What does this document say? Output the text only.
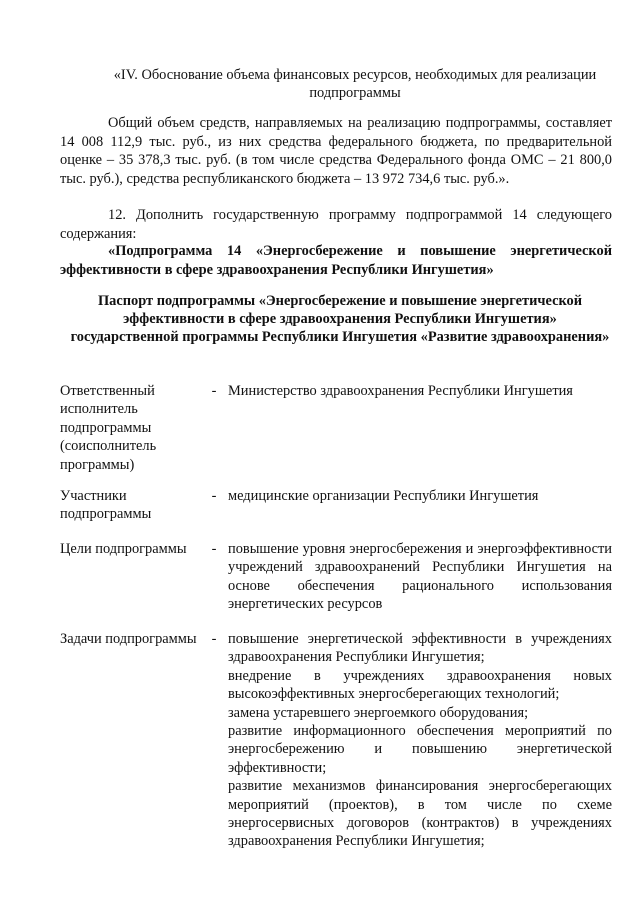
«IV. Обоснование объема финансовых ресурсов, необходимых для реализации подпрограммы
Общий объем средств, направляемых на реализацию подпрограммы, составляет 14 008 112,9 тыс. руб., из них средства федерального бюджета, по предварительной оценке – 35 378,3 тыс. руб. (в том числе средства Федерального фонда ОМС – 21 800,0 тыс. руб.), средства республиканского бюджета – 13 972 734,6 тыс. руб.».
12. Дополнить государственную программу подпрограммой 14 следующего содержания:
«Подпрограмма 14 «Энергосбережение и повышение энергетической эффективности в сфере здравоохранения Республики Ингушетия»
Паспорт подпрограммы «Энергосбережение и повышение энергетической эффективности в сфере здравоохранения Республики Ингушетия» государственной программы Республики Ингушетия «Развитие здравоохранения»
Ответственный исполнитель подпрограммы (соисполнитель программы)
- Министерство здравоохранения Республики Ингушетия

Участники подпрограммы
- медицинские организации Республики Ингушетия

Цели подпрограммы	- повышение уровня энергосбережения и энергоэффективности учреждений здравоохранений Республики Ингушетия на основе обеспечения рационального использования энергетических ресурсов

Задачи подпрограммы - повышение энергетической эффективности в учреждениях здравоохранения Республики Ингушетия;

внедрение в учреждениях здравоохранения новых высокоэффективных энергосберегающих технологий;

замена устаревшего энергоемкого оборудования;

развитие информационного обеспечения мероприятий по энергосбережению и повышению энергетической эффективности;

развитие механизмов финансирования энергосберегающих мероприятий (проектов), в том числе по схеме энергосервисных договоров (контрактов) в учреждениях здравоохранения Республики Ингушетия;
